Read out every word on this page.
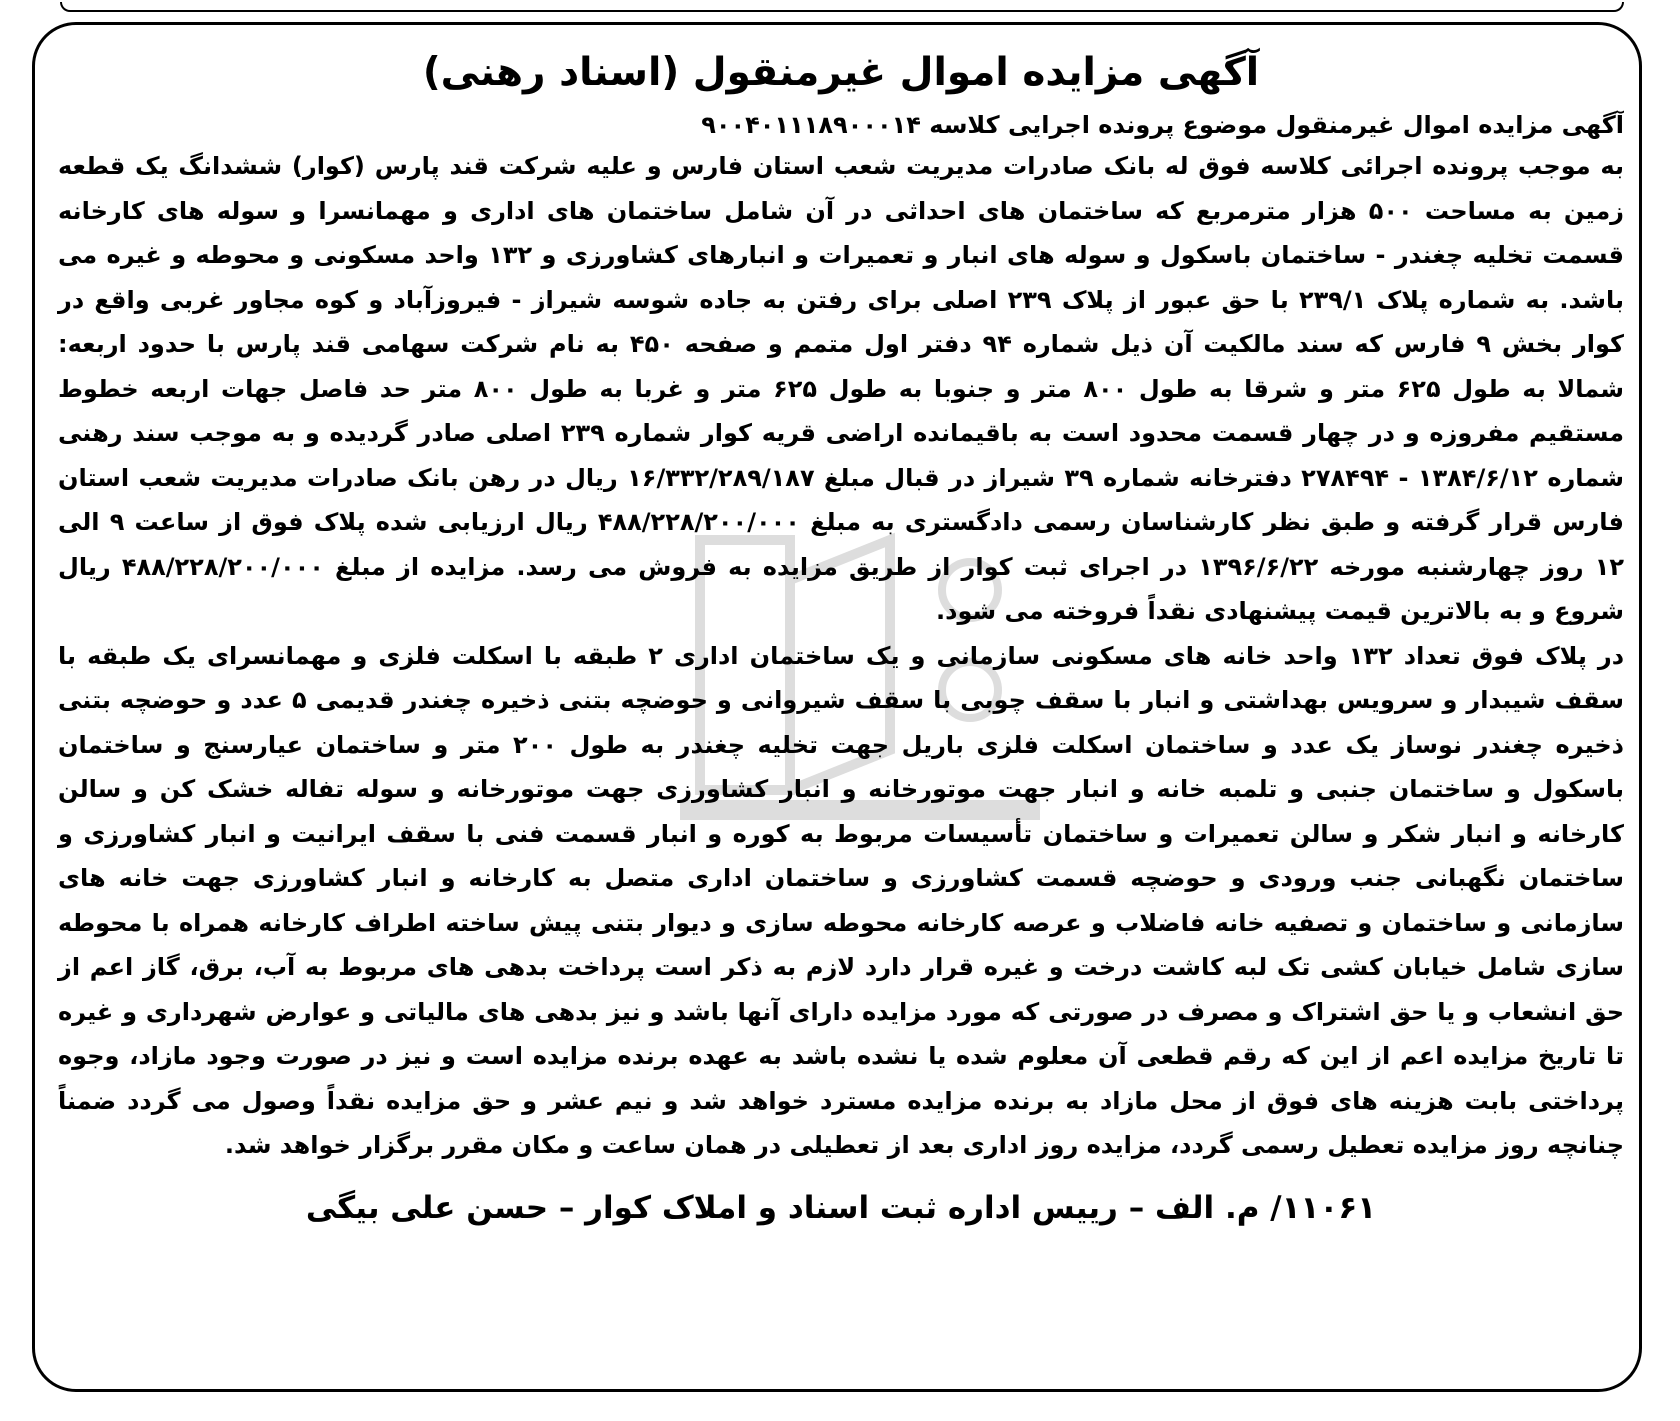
آگهی مزایده اموال غیرمنقول (اسناد رهنی)

آگهی مزایده اموال غیرمنقول موضوع پرونده اجرایی کلاسه ۹۰۰۴۰۱۱۱۸۹۰۰۰۱۴

به موجب پرونده اجرائی کلاسه فوق له بانک صادرات مدیریت شعب استان فارس و علیه شرکت قند پارس (کوار) ششدانگ یک قطعه زمین به مساحت ۵۰۰ هزار مترمربع که ساختمان های احداثی در آن شامل ساختمان های اداری و مهمانسرا و سوله های کارخانه قسمت تخلیه چغندر - ساختمان باسکول و سوله های انبار و تعمیرات و انبارهای کشاورزی و ۱۳۲ واحد مسکونی و محوطه و غیره می باشد. به شماره پلاک ۲۳۹/۱ با حق عبور از پلاک ۲۳۹ اصلی برای رفتن به جاده شوسه شیراز - فیروزآباد و کوه مجاور غربی واقع در کوار بخش ۹ فارس که سند مالکیت آن ذیل شماره ۹۴ دفتر اول متمم و صفحه ۴۵۰ به نام شرکت سهامی قند پارس با حدود اربعه: شمالا به طول ۶۲۵ متر و شرقا به طول ۸۰۰ متر و جنوبا به طول ۶۲۵ متر و غربا به طول ۸۰۰ متر حد فاصل جهات اربعه خطوط مستقیم مفروزه و در چهار قسمت محدود است به باقیمانده اراضی قریه کوار شماره ۲۳۹ اصلی صادر گردیده و به موجب سند رهنی شماره ۱۳۸۴/۶/۱۲ - ۲۷۸۴۹۴ دفترخانه شماره ۳۹ شیراز در قبال مبلغ ۱۶/۳۳۲/۲۸۹/۱۸۷ ریال در رهن بانک صادرات مدیریت شعب استان فارس قرار گرفته و طبق نظر کارشناسان رسمی دادگستری به مبلغ ۴۸۸/۲۲۸/۲۰۰/۰۰۰ ریال ارزیابی شده پلاک فوق از ساعت ۹ الی ۱۲ روز چهارشنبه مورخه ۱۳۹۶/۶/۲۲ در اجرای ثبت کوار از طریق مزایده به فروش می رسد. مزایده از مبلغ ۴۸۸/۲۲۸/۲۰۰/۰۰۰ ریال شروع و به بالاترین قیمت پیشنهادی نقداً فروخته می شود.

در پلاک فوق تعداد ۱۳۲ واحد خانه های مسکونی سازمانی و یک ساختمان اداری ۲ طبقه با اسکلت فلزی و مهمانسرای یک طبقه با سقف شیبدار و سرویس بهداشتی و انبار با سقف چوبی با سقف شیروانی و حوضچه بتنی ذخیره چغندر قدیمی ۵ عدد و حوضچه بتنی ذخیره چغندر نوساز یک عدد و ساختمان اسکلت فلزی باریل جهت تخلیه چغندر به طول ۲۰۰ متر و ساختمان عیارسنج و ساختمان باسکول و ساختمان جنبی و تلمبه خانه و انبار جهت موتورخانه و انبار کشاورزی جهت موتورخانه و سوله تفاله خشک کن و سالن کارخانه و انبار شکر و سالن تعمیرات و ساختمان تأسیسات مربوط به کوره و انبار قسمت فنی با سقف ایرانیت و انبار کشاورزی و ساختمان نگهبانی جنب ورودی و حوضچه قسمت کشاورزی و ساختمان اداری متصل به کارخانه و انبار کشاورزی جهت خانه های سازمانی و ساختمان و تصفیه خانه فاضلاب و عرصه کارخانه محوطه سازی و دیوار بتنی پیش ساخته اطراف کارخانه همراه با محوطه سازی شامل خیابان کشی تک لبه کاشت درخت و غیره قرار دارد لازم به ذکر است پرداخت بدهی های مربوط به آب، برق، گاز اعم از حق انشعاب و یا حق اشتراک و مصرف در صورتی که مورد مزایده دارای آنها باشد و نیز بدهی های مالیاتی و عوارض شهرداری و غیره تا تاریخ مزایده اعم از این که رقم قطعی آن معلوم شده یا نشده باشد به عهده برنده مزایده است و نیز در صورت وجود مازاد، وجوه پرداختی بابت هزینه های فوق از محل مازاد به برنده مزایده مسترد خواهد شد و نیم عشر و حق مزایده نقداً وصول می گردد ضمناً چنانچه روز مزایده تعطیل رسمی گردد، مزایده روز اداری بعد از تعطیلی در همان ساعت و مکان مقرر برگزار خواهد شد.

۱۱۰۶۱/ م. الف – رییس اداره ثبت اسناد و املاک کوار – حسن علی بیگی
